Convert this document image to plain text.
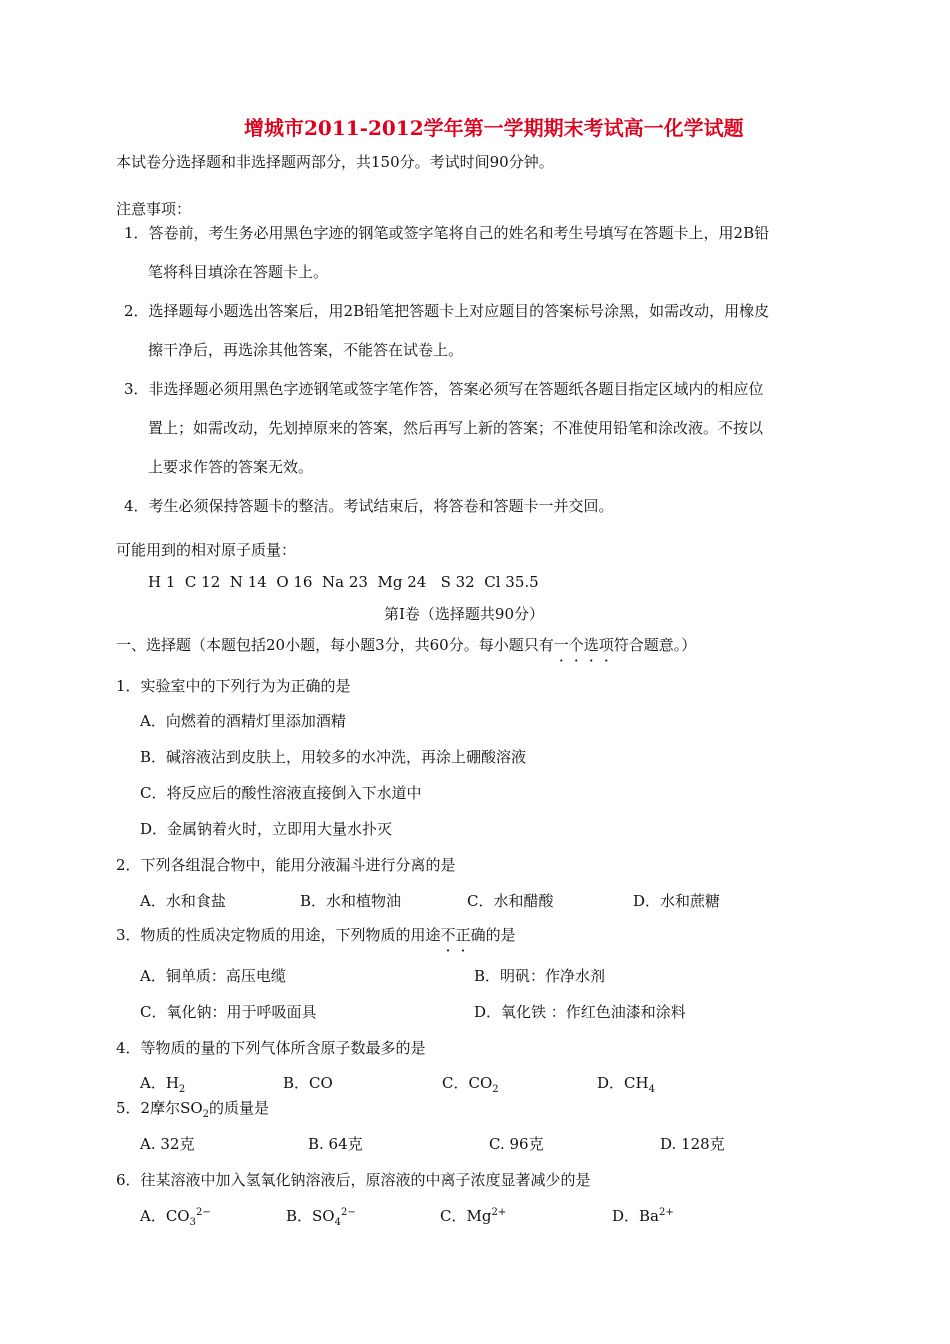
增城市2011-2012学年第一学期期末考试高一化学试题
本试卷分选择题和非选择题两部分，共150分。考试时间90分钟。
注意事项：
1．答卷前，考生务必用黑色字迹的钢笔或签字笔将自己的姓名和考生号填写在答题卡上，用2B铅
笔将科目填涂在答题卡上。
2．选择题每小题选出答案后，用2B铅笔把答题卡上对应题目的答案标号涂黑，如需改动，用橡皮
擦干净后，再选涂其他答案，不能答在试卷上。
3．非选择题必须用黑色字迹钢笔或签字笔作答，答案必须写在答题纸各题目指定区域内的相应位
置上；如需改动，先划掉原来的答案，然后再写上新的答案；不准使用铅笔和涂改液。不按以
上要求作答的答案无效。
4．考生必须保持答题卡的整洁。考试结束后，将答卷和答题卡一并交回。
可能用到的相对原子质量：
H 1  C 12  N 14  O 16  Na 23  Mg 24   S 32  Cl 35.5
第Ⅰ卷（选择题共90分）
一、选择题（本题包括20小题，每小题3分，共60分。每小题只有一个选项符合题意。）
1．实验室中的下列行为为正确的是
A．向燃着的酒精灯里添加酒精
B．碱溶液沾到皮肤上，用较多的水冲洗，再涂上硼酸溶液
C．将反应后的酸性溶液直接倒入下水道中
D．金属钠着火时，立即用大量水扑灭
2．下列各组混合物中，能用分液漏斗进行分离的是
A．水和食盐	B．水和植物油	C．水和醋酸	D．水和蔗糖
3．物质的性质决定物质的用途，下列物质的用途不正确的是
A．铜单质：高压电缆	B．明矾：作净水剂
C．氧化钠：用于呼吸面具	D．氧化铁 ：作红色油漆和涂料
4．等物质的量的下列气体所含原子数最多的是
A．$H_2$	B．CO	C．$CO_2$	D．$CH_4$
5．2摩尔$SO_2$的质量是
A. 32克	B. 64克	C. 96克	D. 128克
6．往某溶液中加入氢氧化钠溶液后，原溶液的中离子浓度显著减少的是
A．$CO_3^{2-}$	B．$SO_4^{2-}$	C．$Mg^{2+}$	D．$Ba^{2+}$
